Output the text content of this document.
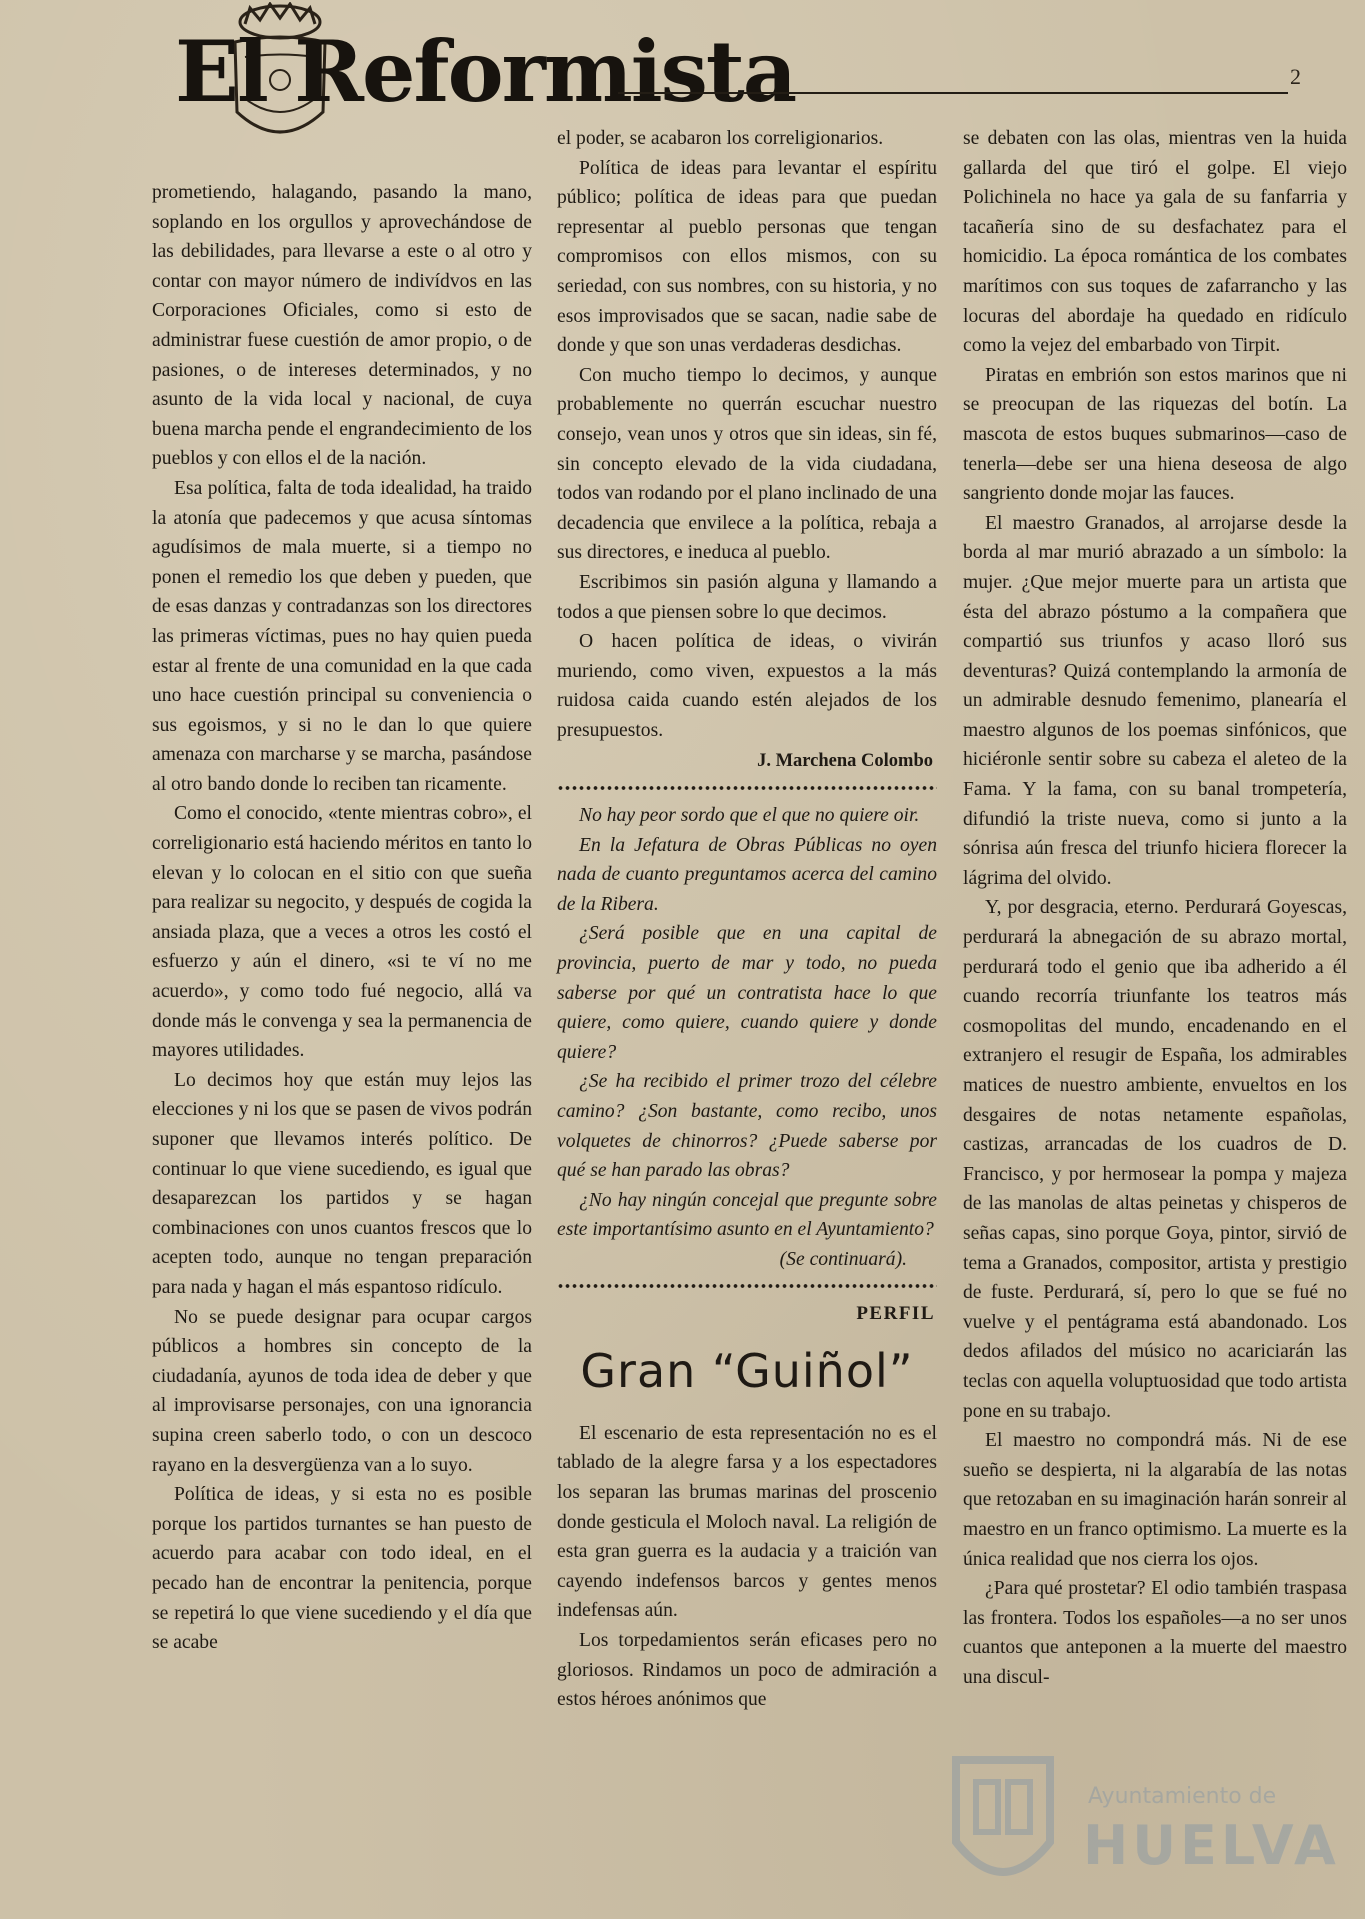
El Reformista	2

prometiendo, halagando, pasando la mano, soplando en los orgullos y aprovechándose de las debilidades, para llevarse a este o al otro y contar con mayor número de indivídvos en las Corporaciones Oficiales, como si esto de administrar fuese cuestión de amor propio, o de pasiones, o de intereses determinados, y no asunto de la vida local y nacional, de cuya buena marcha pende el engrandecimiento de los pueblos y con ellos el de la nación.

Esa política, falta de toda idealidad, ha traido la atonía que padecemos y que acusa síntomas agudísimos de mala muerte, si a tiempo no ponen el remedio los que deben y pueden, que de esas danzas y contradanzas son los directores las primeras víctimas, pues no hay quien pueda estar al frente de una comunidad en la que cada uno hace cuestión principal su conveniencia o sus egoismos, y si no le dan lo que quiere amenaza con marcharse y se marcha, pasándose al otro bando donde lo reciben tan ricamente.

Como el conocido, «tente mientras cobro», el correligionario está haciendo méritos en tanto lo elevan y lo colocan en el sitio con que sueña para realizar su negocito, y después de cogida la ansiada plaza, que a veces a otros les costó el esfuerzo y aún el dinero, «si te ví no me acuerdo», y como todo fué negocio, allá va donde más le convenga y sea la permanencia de mayores utilidades.

Lo decimos hoy que están muy lejos las elecciones y ni los que se pasen de vivos podrán suponer que llevamos interés político. De continuar lo que viene sucediendo, es igual que desaparezcan los partidos y se hagan combinaciones con unos cuantos frescos que lo acepten todo, aunque no tengan preparación para nada y hagan el más espantoso ridículo.

No se puede designar para ocupar cargos públicos a hombres sin concepto de la ciudadanía, ayunos de toda idea de deber y que al improvisarse personajes, con una ignorancia supina creen saberlo todo, o con un descoco rayano en la desvergüenza van a lo suyo.

Política de ideas, y si esta no es posible porque los partidos turnantes se han puesto de acuerdo para acabar con todo ideal, en el pecado han de encontrar la penitencia, porque se repetirá lo que viene sucediendo y el día que se acabe

el poder, se acabaron los correligionarios.

Política de ideas para levantar el espíritu público; política de ideas para que puedan representar al pueblo personas que tengan compromisos con ellos mismos, con su seriedad, con sus nombres, con su historia, y no esos improvisados que se sacan, nadie sabe de donde y que son unas verdaderas desdichas.

Con mucho tiempo lo decimos, y aunque probablemente no querrán escuchar nuestro consejo, vean unos y otros que sin ideas, sin fé, sin concepto elevado de la vida ciudadana, todos van rodando por el plano inclinado de una decadencia que envilece a la política, rebaja a sus directores, e ineduca al pueblo.

Escribimos sin pasión alguna y llamando a todos a que piensen sobre lo que decimos.

O hacen política de ideas, o vivirán muriendo, como viven, expuestos a la más ruidosa caida cuando estén alejados de los presupuestos.

J. Marchena Colombo

No hay peor sordo que el que no quiere oir.

En la Jefatura de Obras Públicas no oyen nada de cuanto preguntamos acerca del camino de la Ribera.

¿Será posible que en una capital de provincia, puerto de mar y todo, no pueda saberse por qué un contratista hace lo que quiere, como quiere, cuando quiere y donde quiere?

¿Se ha recibido el primer trozo del célebre camino? ¿Son bastante, como recibo, unos volquetes de chinorros? ¿Puede saberse por qué se han parado las obras?

¿No hay ningún concejal que pregunte sobre este importantísimo asunto en el Ayuntamiento?

(Se continuará).

PERFIL
Gran “Guiñol”

El escenario de esta representación no es el tablado de la alegre farsa y a los espectadores los separan las brumas marinas del proscenio donde gesticula el Moloch naval. La religión de esta gran guerra es la audacia y a traición van cayendo indefensos barcos y gentes menos indefensas aún.

Los torpedamientos serán eficases pero no gloriosos. Rindamos un poco de admiración a estos héroes anónimos que

se debaten con las olas, mientras ven la huida gallarda del que tiró el golpe. El viejo Polichinela no hace ya gala de su fanfarria y tacañería sino de su desfachatez para el homicidio. La época romántica de los combates marítimos con sus toques de zafarrancho y las locuras del abordaje ha quedado en ridículo como la vejez del embarbado von Tirpit.

Piratas en embrión son estos marinos que ni se preocupan de las riquezas del botín. La mascota de estos buques submarinos—caso de tenerla—debe ser una hiena deseosa de algo sangriento donde mojar las fauces.

El maestro Granados, al arrojarse desde la borda al mar murió abrazado a un símbolo: la mujer. ¿Que mejor muerte para un artista que ésta del abrazo póstumo a la compañera que compartió sus triunfos y acaso lloró sus deventuras? Quizá contemplando la armonía de un admirable desnudo femenimo, planearía el maestro algunos de los poemas sinfónicos, que hiciéronle sentir sobre su cabeza el aleteo de la Fama. Y la fama, con su banal trompetería, difundió la triste nueva, como si junto a la sónrisa aún fresca del triunfo hiciera florecer la lágrima del olvido.

Y, por desgracia, eterno. Perdurará Goyescas, perdurará la abnegación de su abrazo mortal, perdurará todo el genio que iba adherido a él cuando recorría triunfante los teatros más cosmopolitas del mundo, encadenando en el extranjero el resugir de España, los admirables matices de nuestro ambiente, envueltos en los desgaires de notas netamente españolas, castizas, arrancadas de los cuadros de D. Francisco, y por hermosear la pompa y majeza de las manolas de altas peinetas y chisperos de señas capas, sino porque Goya, pintor, sirvió de tema a Granados, compositor, artista y prestigio de fuste. Perdurará, sí, pero lo que se fué no vuelve y el pentágrama está abandonado. Los dedos afilados del músico no acariciarán las teclas con aquella voluptuosidad que todo artista pone en su trabajo.

El maestro no compondrá más. Ni de ese sueño se despierta, ni la algarabía de las notas que retozaban en su imaginación harán sonreir al maestro en un franco optimismo. La muerte es la única realidad que nos cierra los ojos.

¿Para qué prostetar? El odio también traspasa las frontera. Todos los españoles—a no ser unos cuantos que anteponen a la muerte del maestro una discul-

Ayuntamiento de
HUELVA
